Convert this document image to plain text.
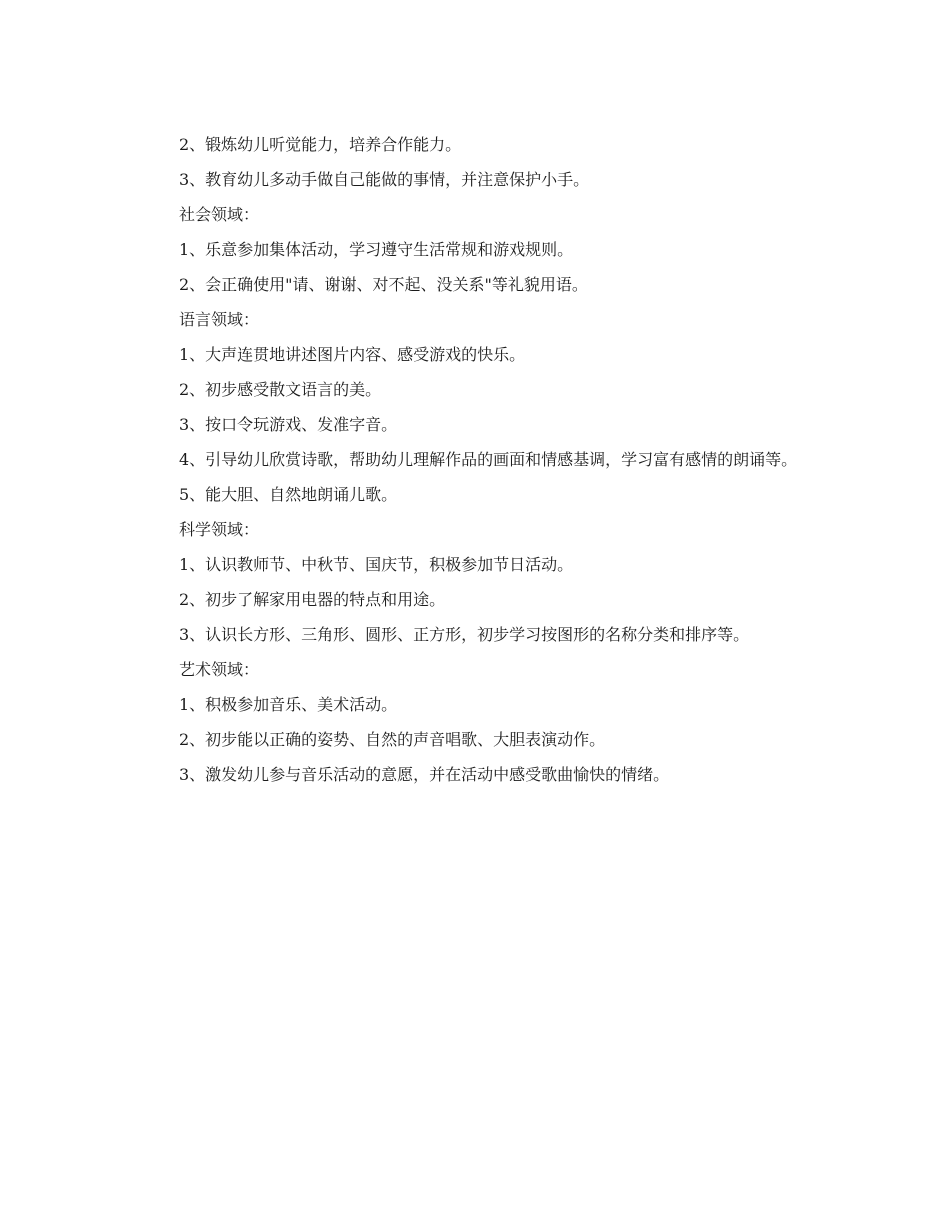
2、锻炼幼儿听觉能力，培养合作能力。

3、教育幼儿多动手做自己能做的事情，并注意保护小手。

社会领域：

1、乐意参加集体活动，学习遵守生活常规和游戏规则。

2、会正确使用"请、谢谢、对不起、没关系"等礼貌用语。

语言领域：

1、大声连贯地讲述图片内容、感受游戏的快乐。

2、初步感受散文语言的美。

3、按口令玩游戏、发准字音。

4、引导幼儿欣赏诗歌，帮助幼儿理解作品的画面和情感基调，学习富有感情的朗诵等。

5、能大胆、自然地朗诵儿歌。

科学领域：

1、认识教师节、中秋节、国庆节，积极参加节日活动。

2、初步了解家用电器的特点和用途。

3、认识长方形、三角形、圆形、正方形，初步学习按图形的名称分类和排序等。

艺术领域：

1、积极参加音乐、美术活动。

2、初步能以正确的姿势、自然的声音唱歌、大胆表演动作。

3、激发幼儿参与音乐活动的意愿，并在活动中感受歌曲愉快的情绪。
